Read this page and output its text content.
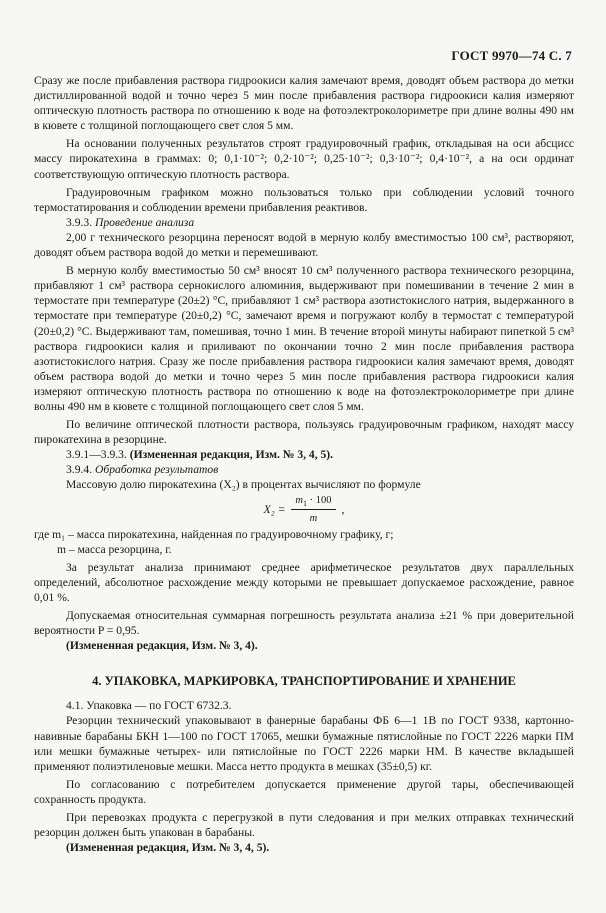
ГОСТ 9970—74 С. 7

Сразу же после прибавления раствора гидроокиси калия замечают время, доводят объем раствора до метки дистиллированной водой и точно через 5 мин после прибавления раствора гидроокиси калия измеряют оптическую плотность раствора по отношению к воде на фотоэлектроколориметре при длине волны 490 нм в кювете с толщиной поглощающего свет слоя 5 мм.

На основании полученных результатов строят градуировочный график, откладывая на оси абсцисс массу пирокатехина в граммах: 0; 0,1·10⁻²; 0,2·10⁻²; 0,25·10⁻²; 0,3·10⁻²; 0,4·10⁻², а на оси ординат соответствующую оптическую плотность раствора.

Градуировочным графиком можно пользоваться только при соблюдении условий точного термостатирования и соблюдении времени прибавления реактивов.

3.9.3. Проведение анализа

2,00 г технического резорцина переносят водой в мерную колбу вместимостью 100 см³, растворяют, доводят объем раствора водой до метки и перемешивают.

В мерную колбу вместимостью 50 см³ вносят 10 см³ полученного раствора технического резорцина, прибавляют 1 см³ раствора сернокислого алюминия, выдерживают при помешивании в течение 2 мин в термостате при температуре (20±2) °С, прибавляют 1 см³ раствора азотистокислого натрия, выдержанного в термостате при температуре (20±0,2) °С, замечают время и погружают колбу в термостат с температурой (20±0,2) °С. Выдерживают там, помешивая, точно 1 мин. В течение второй минуты набирают пипеткой 5 см³ раствора гидроокиси калия и приливают по окончании точно 2 мин после прибавления раствора азотистокислого натрия. Сразу же после прибавления раствора гидроокиси калия замечают время, доводят объем раствора водой до метки и точно через 5 мин после прибавления раствора гидроокиси калия измеряют оптическую плотность раствора по отношению к воде на фотоэлектроколориметре при длине волны 490 нм в кювете с толщиной поглощающего свет слоя 5 мм.

По величине оптической плотности раствора, пользуясь градуировочным графиком, находят массу пирокатехина в резорцине.

3.9.1—3.9.3. (Измененная редакция, Изм. № 3, 4, 5).

3.9.4. Обработка результатов

Массовую долю пирокатехина (X₂) в процентах вычисляют по формуле

$X_2 = \frac{m_1 \cdot 100}{m}$ ,

где m₁ – масса пирокатехина, найденная по градуировочному графику, г;

m – масса резорцина, г.

За результат анализа принимают среднее арифметическое результатов двух параллельных определений, абсолютное расхождение между которыми не превышает допускаемое расхождение, равное 0,01 %.

Допускаемая относительная суммарная погрешность результата анализа ±21 % при доверительной вероятности P = 0,95.

(Измененная редакция, Изм. № 3, 4).

4. УПАКОВКА, МАРКИРОВКА, ТРАНСПОРТИРОВАНИЕ И ХРАНЕНИЕ

4.1. Упаковка — по ГОСТ 6732.3.

Резорцин технический упаковывают в фанерные барабаны ФБ 6—1 1В по ГОСТ 9338, картонно-навивные барабаны БКН 1—100 по ГОСТ 17065, мешки бумажные пятислойные по ГОСТ 2226 марки ПМ или мешки бумажные четырех- или пятислойные по ГОСТ 2226 марки НМ. В качестве вкладышей применяют полиэтиленовые мешки. Масса нетто продукта в мешках (35±0,5) кг.

По согласованию с потребителем допускается применение другой тары, обеспечивающей сохранность продукта.

При перевозках продукта с перегрузкой в пути следования и при мелких отправках технический резорцин должен быть упакован в барабаны.

(Измененная редакция, Изм. № 3, 4, 5).
